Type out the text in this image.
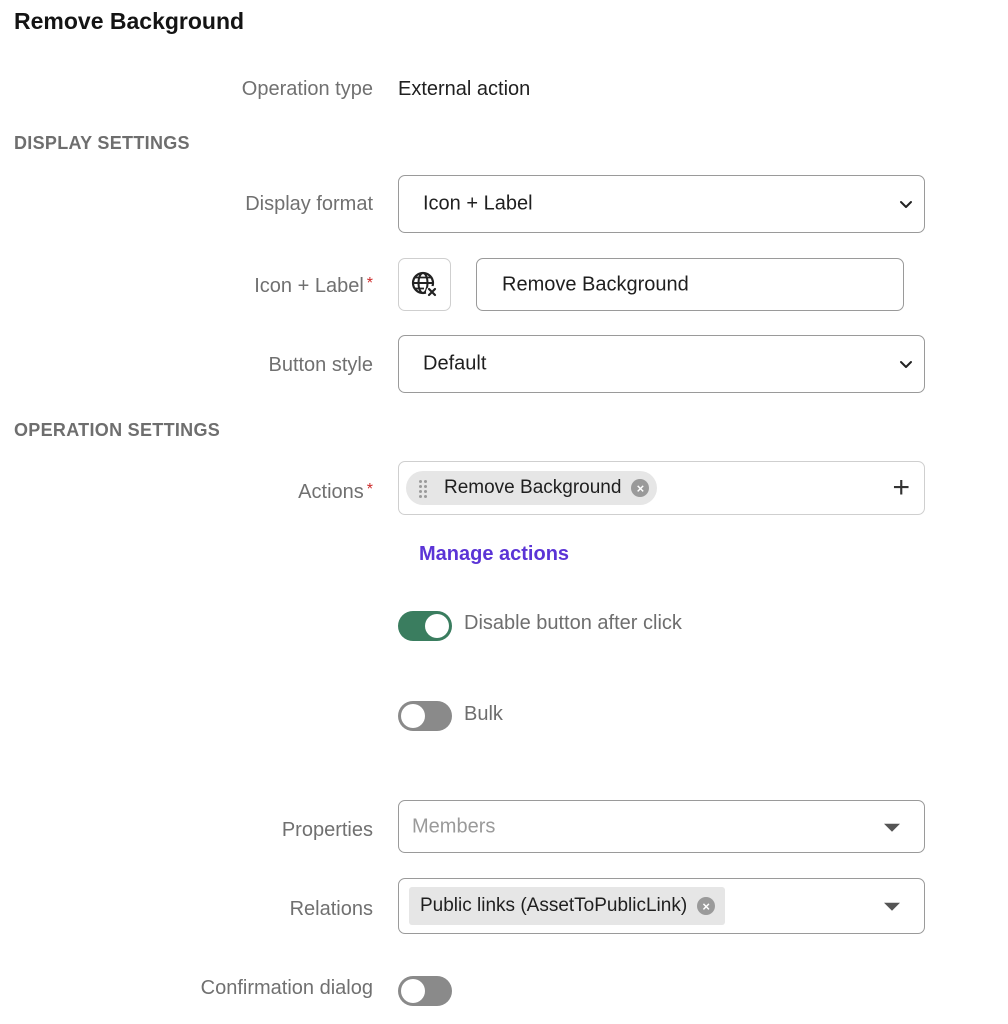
Remove Background
Operation type External action
DISPLAY SETTINGS
Display format	Icon + Label
Icon + Label *	Remove Background
Button style	Default
OPERATION SETTINGS
Actions *	Remove Background	×	+
Manage actions
Disable button after click
Bulk
Properties Members
Relations Public links (AssetToPublicLink)	×
Confirmation dialog
